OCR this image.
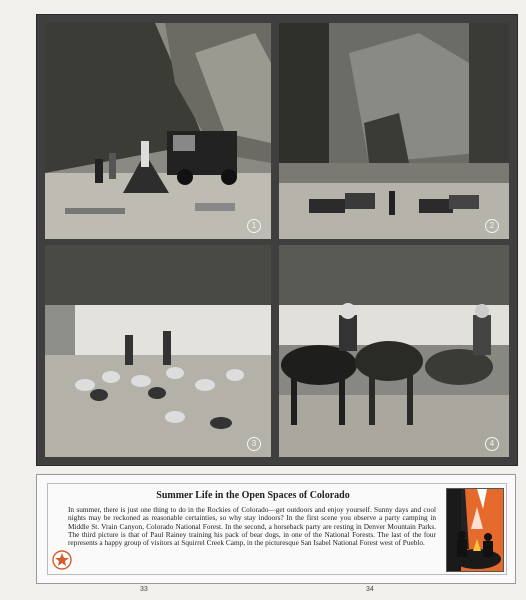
1	2
3	4
Summer Life in the Open Spaces of Colorado
In summer, there is just one thing to do in the Rockies of Colorado—get outdoors and enjoy yourself. Sunny days and cool nights may be reckoned as reasonable certainties, so why stay indoors? In the first scene you observe a party camping in Middle St. Vrain Canyon, Colorado National Forest. In the second, a horseback party are resting in Denver Mountain Parks. The third picture is that of Paul Rainey training his pack of bear dogs, in one of the National Forests. The last of the four represents a happy group of visitors at Squirrel Creek Camp, in the picturesque San Isabel National Forest west of Pueblo.
33	34
